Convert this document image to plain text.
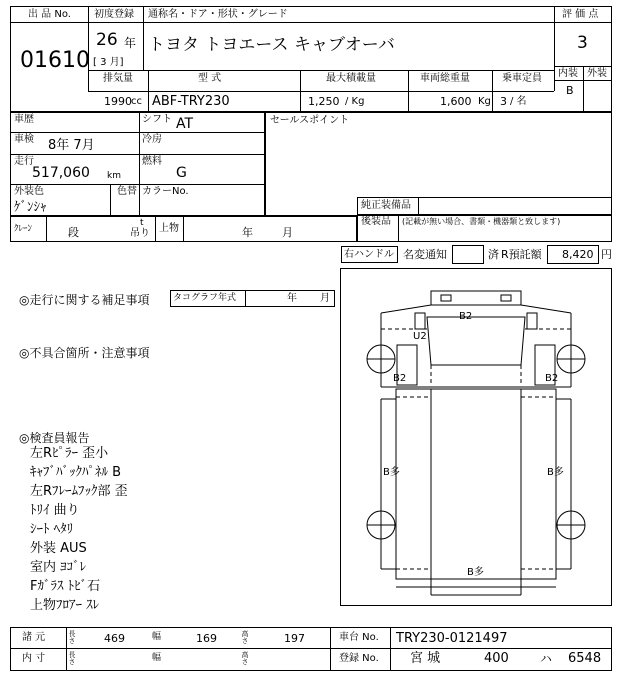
出 品 No.
01610
初度登録
26 年
[ 3 月]
通称名・ドア・形状・グレード
トヨタ トヨエース キャブオーバ
評 価 点
3
内装 外装
B
排気量	型 式	最大積載量	車両総重量	乗車定員
1990 cc ABF-TRY230	1,250 / Kg	1,600 Kg 3 / 名
車歴	シフト AT
車検 8年 7月	冷房
走行
517,060 km
燃料
G
外装色
ｹﾞﾝｼｬ
色替 カラーNo.
セールスポイント
ｸﾚｰﾝ	段
t
吊り 上物	年	月
純正装備品
後装品 (記載が無い場合、書類・機器類と致します)
右ハンドル 名変通知	済 R預託額 8,420 円
◎走行に関する補足事項	タコグラフ年式	年 月
◎不具合箇所・注意事項
◎検査員報告
左Rﾋﾟﾗｰ 歪小
ｷｬﾌﾞﾊﾞｯｸﾊﾟﾈﾙ B
左Rﾌﾚｰﾑﾌｯｸ部 歪
ﾄﾘｲ 曲り
ｼｰﾄ ﾍﾀﾘ
外装 AUS
室内 ﾖｺﾞﾚ
Fｶﾞﾗｽ ﾄﾋﾞ石
上物ﾌﾛｱｰ ｽﾚ
B2
U2
B2	B2
B多	B多
B多
諸 元
内 寸
長さ	469	幅	169	高さ	197
長さ	幅	高さ
車台 No. TRY230-0121497
登録 No. 宮 城	400	ハ 6548
